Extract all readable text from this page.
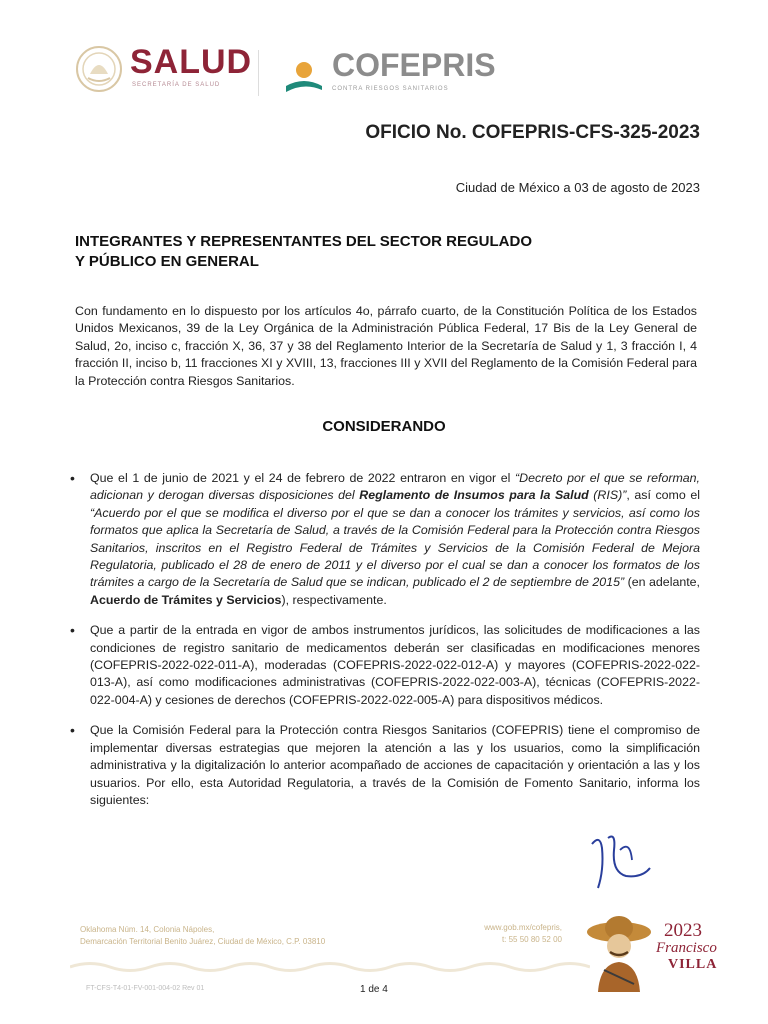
SALUD
SECRETARÍA DE SALUD
COFEPRIS
CONTRA RIESGOS SANITARIOS
OFICIO No. COFEPRIS-CFS-325-2023
Ciudad de México a 03 de agosto de 2023
INTEGRANTES Y REPRESENTANTES DEL SECTOR REGULADO
Y PÚBLICO EN GENERAL
Con fundamento en lo dispuesto por los artículos 4o, párrafo cuarto, de la Constitución Política de los Estados Unidos Mexicanos, 39 de la Ley Orgánica de la Administración Pública Federal, 17 Bis de la Ley General de Salud, 2o, inciso c, fracción X, 36, 37 y 38 del Reglamento Interior de la Secretaría de Salud y 1, 3 fracción I, 4 fracción II, inciso b, 11 fracciones XI y XVIII, 13, fracciones III y XVII del Reglamento de la Comisión Federal para la Protección contra Riesgos Sanitarios.
CONSIDERANDO
• Que el 1 de junio de 2021 y el 24 de febrero de 2022 entraron en vigor el “Decreto por el que se reforman, adicionan y derogan diversas disposiciones del Reglamento de Insumos para la Salud (RIS)”, así como el “Acuerdo por el que se modifica el diverso por el que se dan a conocer los trámites y servicios, así como los formatos que aplica la Secretaría de Salud, a través de la Comisión Federal para la Protección contra Riesgos Sanitarios, inscritos en el Registro Federal de Trámites y Servicios de la Comisión Federal de Mejora Regulatoria, publicado el 28 de enero de 2011 y el diverso por el cual se dan a conocer los formatos de los trámites a cargo de la Secretaría de Salud que se indican, publicado el 2 de septiembre de 2015” (en adelante, Acuerdo de Trámites y Servicios), respectivamente.
• Que a partir de la entrada en vigor de ambos instrumentos jurídicos, las solicitudes de modificaciones a las condiciones de registro sanitario de medicamentos deberán ser clasificadas en modificaciones menores (COFEPRIS-2022-022-011-A), moderadas (COFEPRIS-2022-022-012-A) y mayores (COFEPRIS-2022-022-013-A), así como modificaciones administrativas (COFEPRIS-2022-022-003-A), técnicas (COFEPRIS-2022-022-004-A) y cesiones de derechos (COFEPRIS-2022-022-005-A) para dispositivos médicos.
• Que la Comisión Federal para la Protección contra Riesgos Sanitarios (COFEPRIS) tiene el compromiso de implementar diversas estrategias que mejoren la atención a las y los usuarios, como la simplificación administrativa y la digitalización lo anterior acompañado de acciones de capacitación y orientación a las y los usuarios. Por ello, esta Autoridad Regulatoria, a través de la Comisión de Fomento Sanitario, informa los siguientes:
Oklahoma Núm. 14, Colonia Nápoles,
Demarcación Territorial Benito Juárez, Ciudad de México, C.P. 03810
www.gob.mx/cofepris,
t: 55 50 80 52 00
FT-CFS-T4-01-FV-001-004-02 Rev 01	1 de 4
2023
Francisco
VILLA
